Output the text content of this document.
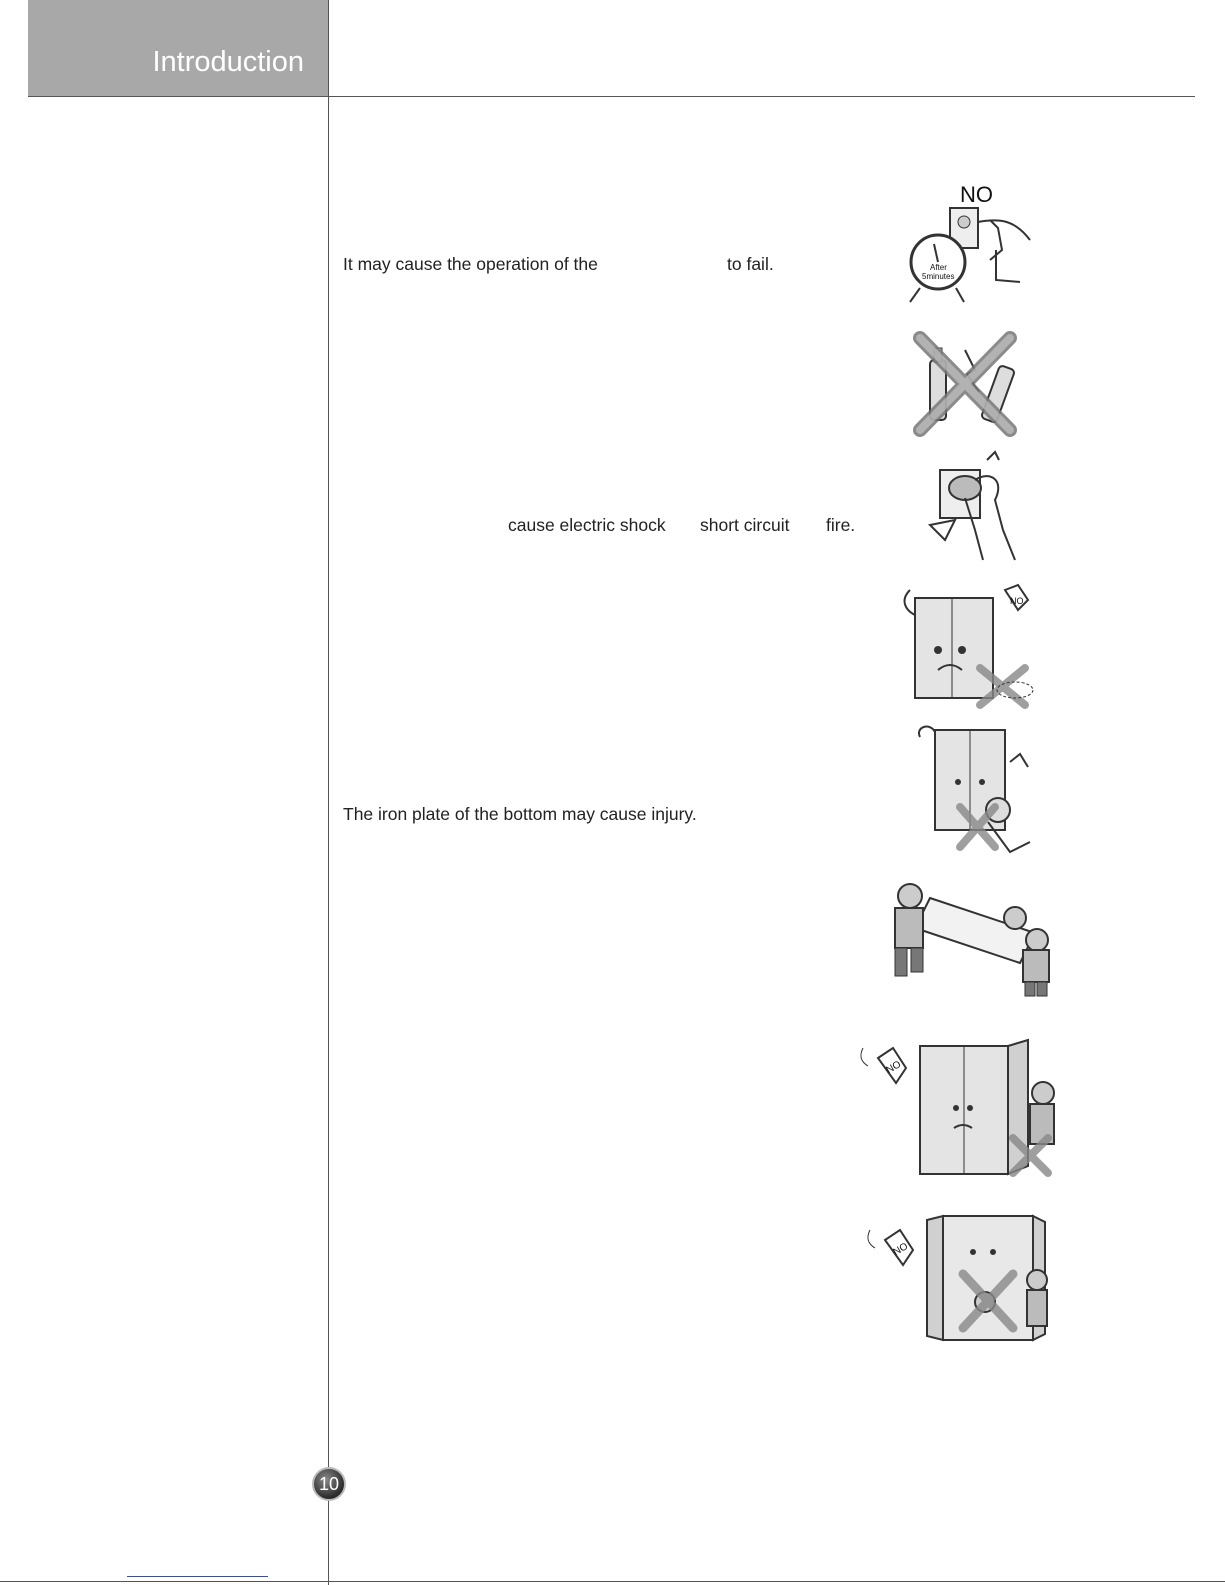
Introduction
10
It may cause the operation of the	to fail.
cause electric shock short circuit fire.
The iron plate of the bottom may cause injury.
NO
After
5minutes
NO
NO
NO
